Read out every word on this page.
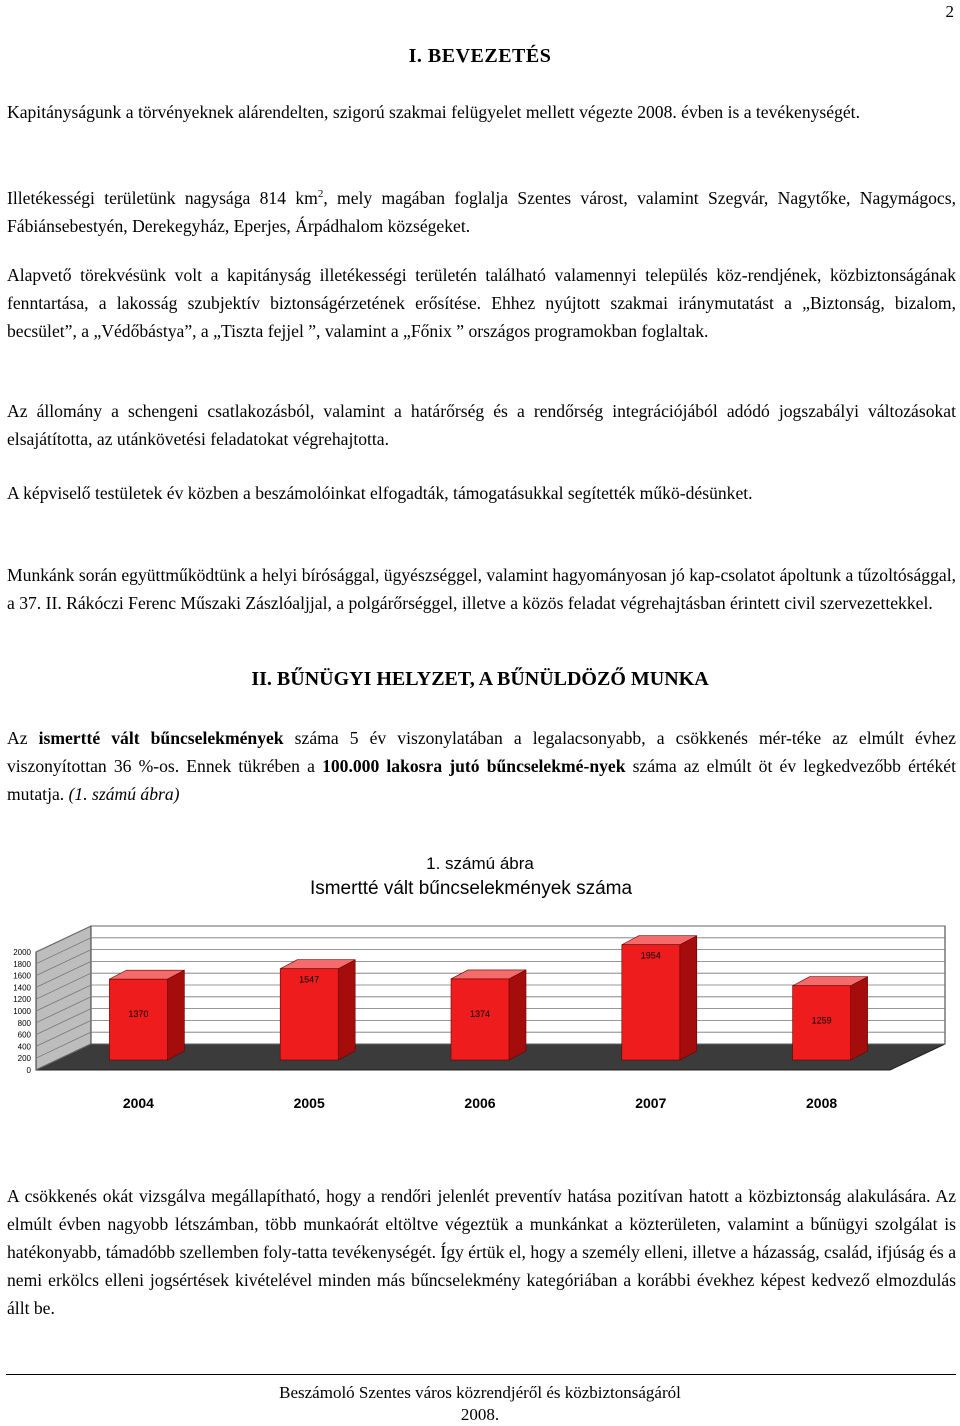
2
I. BEVEZETÉS
Kapitányságunk a törvényeknek alárendelten, szigorú szakmai felügyelet mellett végezte 2008. évben is a tevékenységét.
Illetékességi területünk nagysága 814 $km^2$, mely magában foglalja Szentes várost, valamint Szegvár, Nagytőke, Nagymágocs, Fábiánsebestyén, Derekegyház, Eperjes, Árpádhalom községeket.
Alapvető törekvésünk volt a kapitányság illetékességi területén található valamennyi település köz-rendjének, közbiztonságának fenntartása, a lakosság szubjektív biztonságérzetének erősítése. Ehhez nyújtott szakmai iránymutatást a „Biztonság, bizalom, becsület”, a „Védőbástya”, a „Tiszta fejjel ”, valamint a „Főnix ” országos programokban foglaltak.
Az állomány a schengeni csatlakozásból, valamint a határőrség és a rendőrség integrációjából adódó jogszabályi változásokat elsajátította, az utánkövetési feladatokat végrehajtotta.
A képviselő testületek év közben a beszámolóinkat elfogadták, támogatásukkal segítették műkö-désünket.
Munkánk során együttműködtünk a helyi bírósággal, ügyészséggel, valamint hagyományosan jó kap-csolatot ápoltunk a tűzoltósággal, a 37. II. Rákóczi Ferenc Műszaki Zászlóaljjal, a polgárőrséggel, illetve a közös feladat végrehajtásban érintett civil szervezettekkel.
II. BŰNÜGYI HELYZET, A BŰNÜLDÖZŐ MUNKA
Az ismertté vált bűncselekmények száma 5 év viszonylatában a legalacsonyabb, a csökkenés mér-téke az elmúlt évhez viszonyítottan 36 %-os. Ennek tükrében a 100.000 lakosra jutó bűncselekmé-nyek száma az elmúlt öt év legkedvezőbb értékét mutatja. (1. számú ábra)
1. számú ábra
Ismertté vált bűncselekmények száma
0
200
400
600
800
1000
1200
1400
1600
1800
2000
1370
2004
1547
2005
1374
2006
1954
2007
1259
2008
A csökkenés okát vizsgálva megállapítható, hogy a rendőri jelenlét preventív hatása pozitívan hatott a közbiztonság alakulására. Az elmúlt évben nagyobb létszámban, több munkaórát eltöltve végeztük a munkánkat a közterületen, valamint a bűnügyi szolgálat is hatékonyabb, támadóbb szellemben foly-tatta tevékenységét. Így értük el, hogy a személy elleni, illetve a házasság, család, ifjúság és a nemi erkölcs elleni jogsértések kivételével minden más bűncselekmény kategóriában a korábbi évekhez képest kedvező elmozdulás állt be.
Beszámoló Szentes város közrendjéről és közbiztonságáról
2008.
